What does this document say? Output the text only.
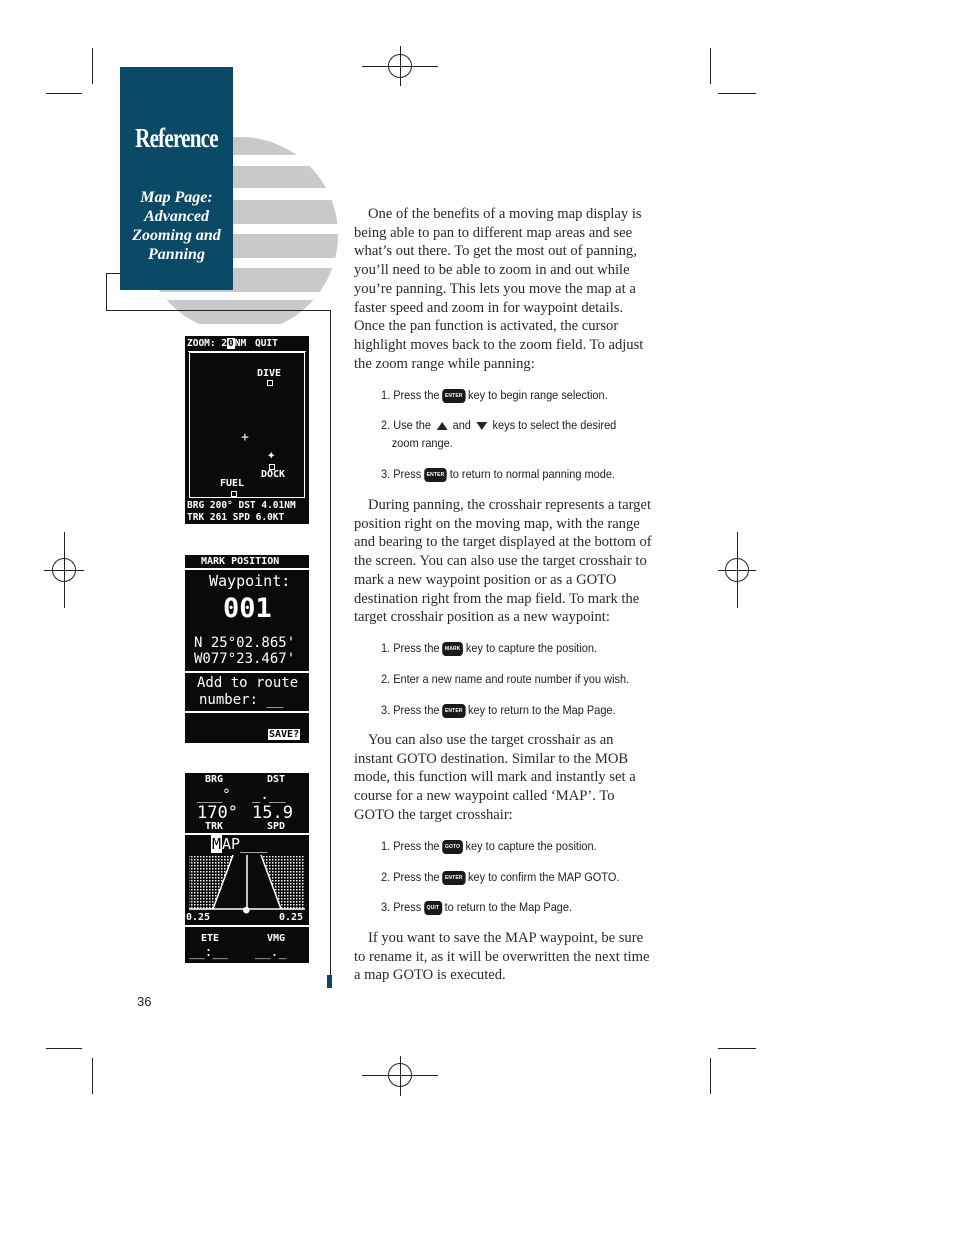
Reference
Map Page: Advanced Zooming and Panning
ZOOM: 20NM QUIT
DIVE
+
✦
DOCK
FUEL
BRG 200° DST 4.01NM
TRK 261 SPD 6.0KT
MARK POSITION
Waypoint:
001
N 25°02.865'
W077°23.467'
Add to route
number: __
SAVE?
BRG	DST
___° _.__
170° 15.9
TRK	SPD
MAP___
0.25	0.25
●
ETE	VMG
__:__ __._
36
One of the benefits of a moving map display is being able to pan to different map areas and see what’s out there. To get the most out of panning, you’ll need to be able to zoom in and out while you’re panning. This lets you move the map at a faster speed and zoom in for waypoint details. Once the pan function is activated, the cursor highlight moves back to the zoom field. To adjust the zoom range while panning:
1. Press the ENTER key to begin range selection.
2. Use the and keys to select the desired
zoom range.
3. Press ENTER to return to normal panning mode.
During panning, the crosshair represents a target position right on the moving map, with the range and bearing to the target displayed at the bottom of the screen. You can also use the target crosshair to mark a new waypoint position or as a GOTO destination right from the map field. To mark the target crosshair position as a new waypoint:
1. Press the MARK key to capture the position.
2. Enter a new name and route number if you wish.
3. Press the ENTER key to return to the Map Page.
You can also use the target crosshair as an instant GOTO destination. Similar to the MOB mode, this function will mark and instantly set a course for a new waypoint called ‘MAP’. To GOTO the target crosshair:
1. Press the GOTO key to capture the position.
2. Press the ENTER key to confirm the MAP GOTO.
3. Press QUIT to return to the Map Page.
If you want to save the MAP waypoint, be sure to rename it, as it will be overwritten the next time a map GOTO is executed.
